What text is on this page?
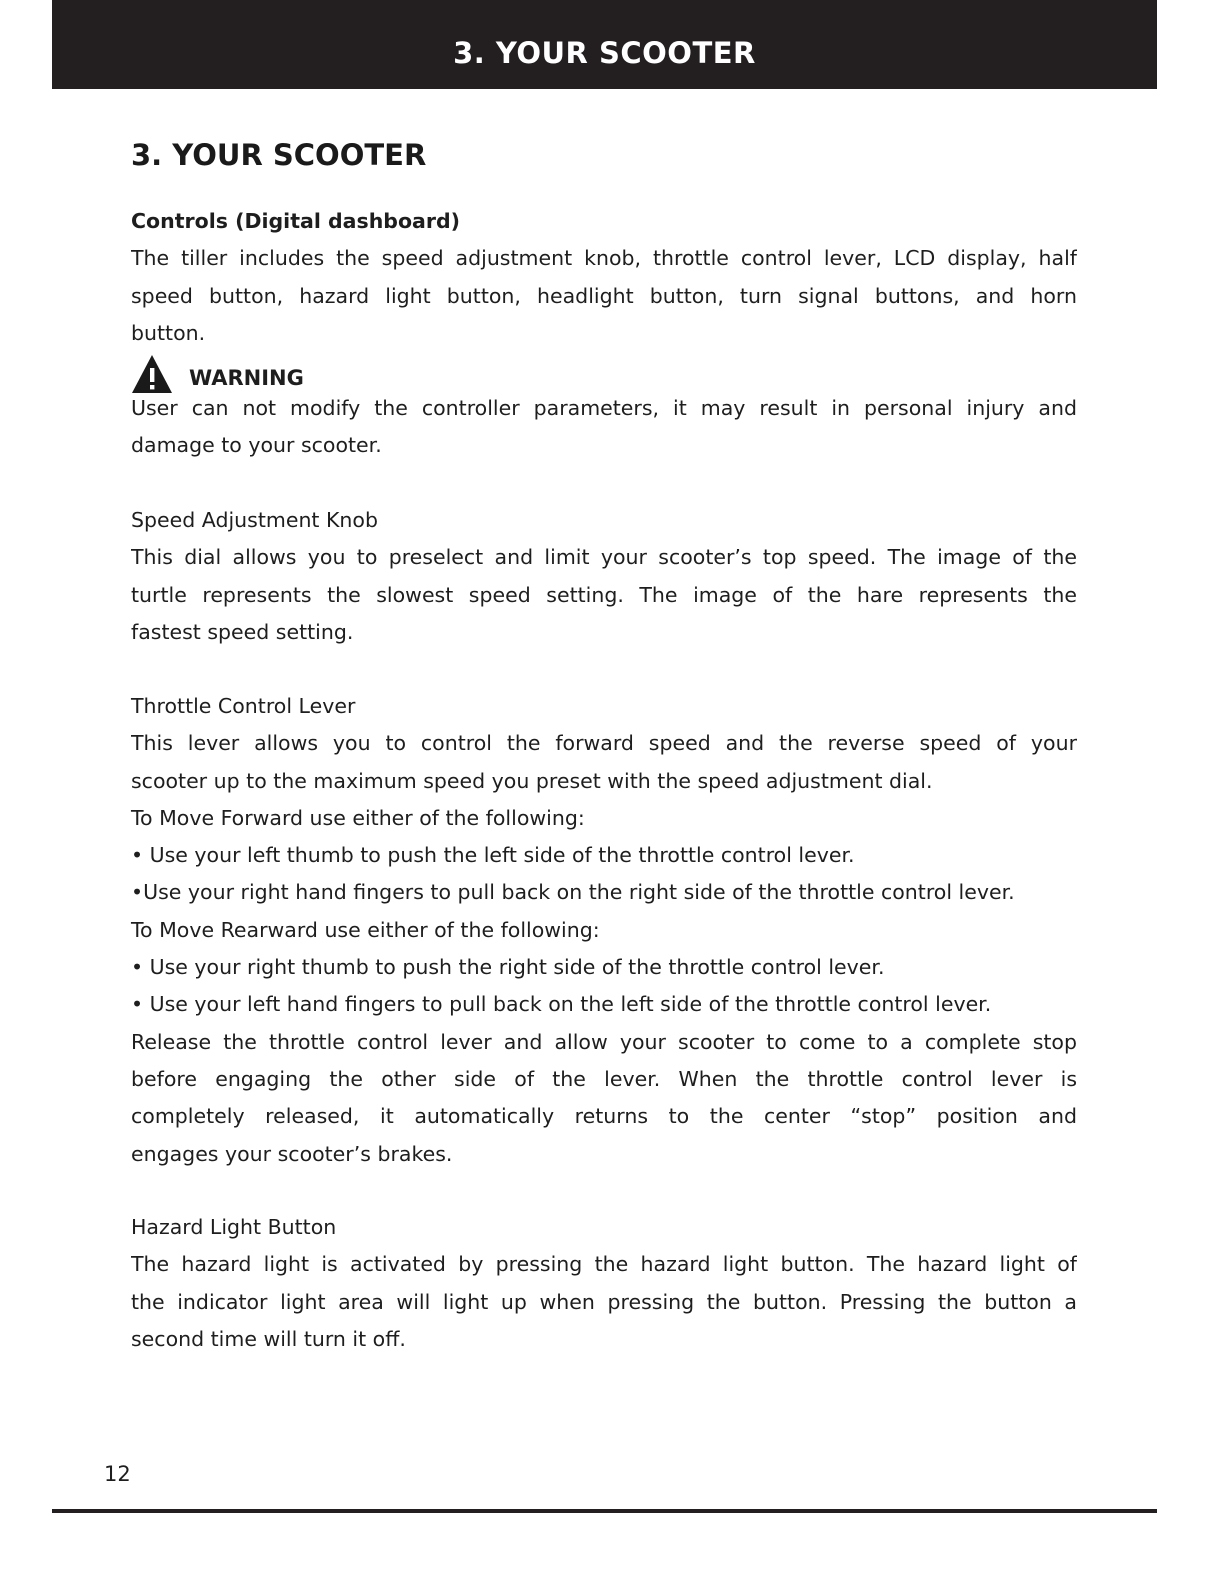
3. YOUR SCOOTER
3. YOUR SCOOTER
Controls (Digital dashboard)
The tiller includes the speed adjustment knob, throttle control lever, LCD display, half
speed button, hazard light button, headlight button, turn signal buttons, and horn
button.
WARNING
User can not modify the controller parameters, it may result in personal injury and
damage to your scooter.
Speed Adjustment Knob
This dial allows you to preselect and limit your scooter’s top speed. The image of the
turtle represents the slowest speed setting. The image of the hare represents the
fastest speed setting.
Throttle Control Lever
This lever allows you to control the forward speed and the reverse speed of your
scooter up to the maximum speed you preset with the speed adjustment dial.
To Move Forward use either of the following:
• Use your left thumb to push the left side of the throttle control lever.
•Use your right hand fingers to pull back on the right side of the throttle control lever.
To Move Rearward use either of the following:
• Use your right thumb to push the right side of the throttle control lever.
• Use your left hand fingers to pull back on the left side of the throttle control lever.
Release the throttle control lever and allow your scooter to come to a complete stop
before engaging the other side of the lever. When the throttle control lever is
completely released, it automatically returns to the center “stop” position and
engages your scooter’s brakes.
Hazard Light Button
The hazard light is activated by pressing the hazard light button. The hazard light of
the indicator light area will light up when pressing the button. Pressing the button a
second time will turn it off.
12
